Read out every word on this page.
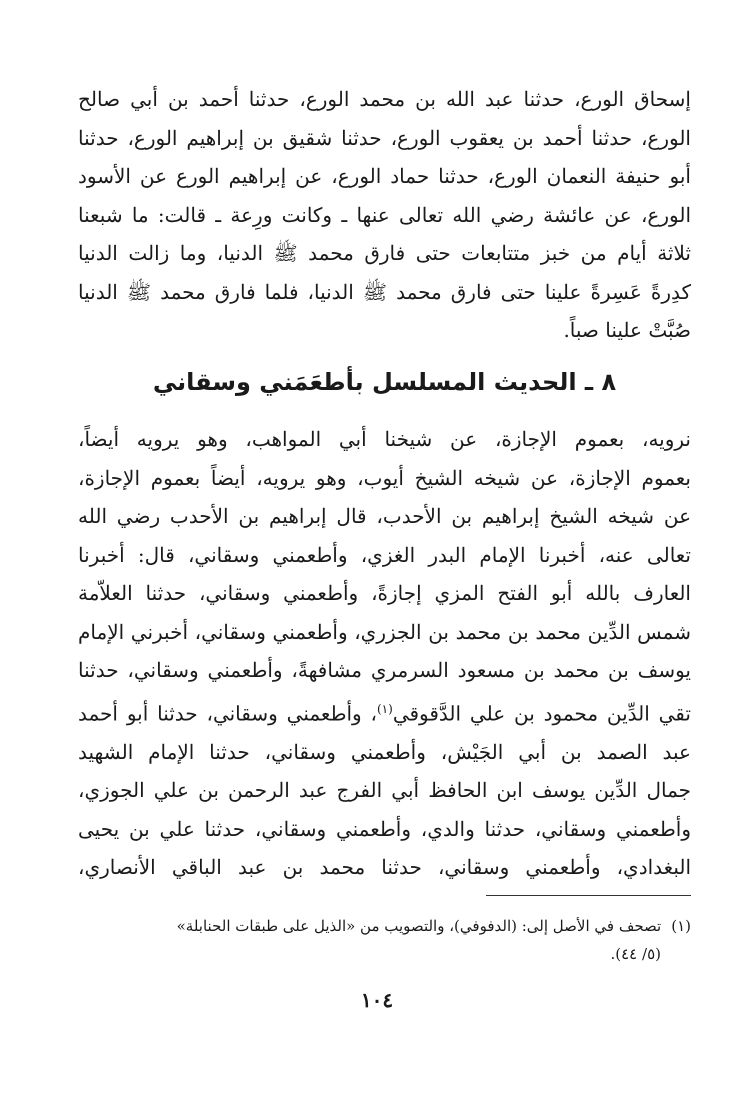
إسحاق الورع، حدثنا عبد الله بن محمد الورع، حدثنا أحمد بن أبي صالح
الورع، حدثنا أحمد بن يعقوب الورع، حدثنا شقيق بن إبراهيم الورع، حدثنا
أبو حنيفة النعمان الورع، حدثنا حماد الورع، عن إبراهيم الورع عن الأسود
الورع، عن عائشة رضي الله تعالى عنها ـ وكانت ورِعة ـ قالت: ما شبعنا
ثلاثة أيام من خبز متتابعات حتى فارق محمد ﷺ الدنيا، وما زالت الدنيا
كدِرةً عَسِرةً علينا حتى فارق محمد ﷺ الدنيا، فلما فارق محمد ﷺ الدنيا
صُبَّتْ علينا صباً.
٨ ـ الحديث المسلسل بأطعَمَني وسقاني
نرويه، بعموم الإجازة، عن شيخنا أبي المواهب، وهو يرويه أيضاً،
بعموم الإجازة، عن شيخه الشيخ أيوب، وهو يرويه، أيضاً بعموم الإجازة،
عن شيخه الشيخ إبراهيم بن الأحدب، قال إبراهيم بن الأحدب رضي الله
تعالى عنه، أخبرنا الإمام البدر الغزي، وأطعمني وسقاني، قال: أخبرنا
العارف بالله أبو الفتح المزي إجازةً، وأطعمني وسقاني، حدثنا العلاّمة
شمس الدِّين محمد بن محمد بن الجزري، وأطعمني وسقاني، أخبرني الإمام
يوسف بن محمد بن مسعود السرمري مشافهةً، وأطعمني وسقاني، حدثنا
تقي الدِّين محمود بن علي الدَّقوقي$^{(١)}$، وأطعمني وسقاني، حدثنا أبو أحمد
عبد الصمد بن أبي الجَيْش، وأطعمني وسقاني، حدثنا الإمام الشهيد
جمال الدِّين يوسف ابن الحافظ أبي الفرج عبد الرحمن بن علي الجوزي،
وأطعمني وسقاني، حدثنا والدي، وأطعمني وسقاني، حدثنا علي بن يحيى
البغدادي، وأطعمني وسقاني، حدثنا محمد بن عبد الباقي الأنصاري،
(١)تصحف في الأصل إلى: (الدفوفي)، والتصويب من «الذيل على طبقات الحنابلة»
(٥/ ٤٤).
١٠٤
